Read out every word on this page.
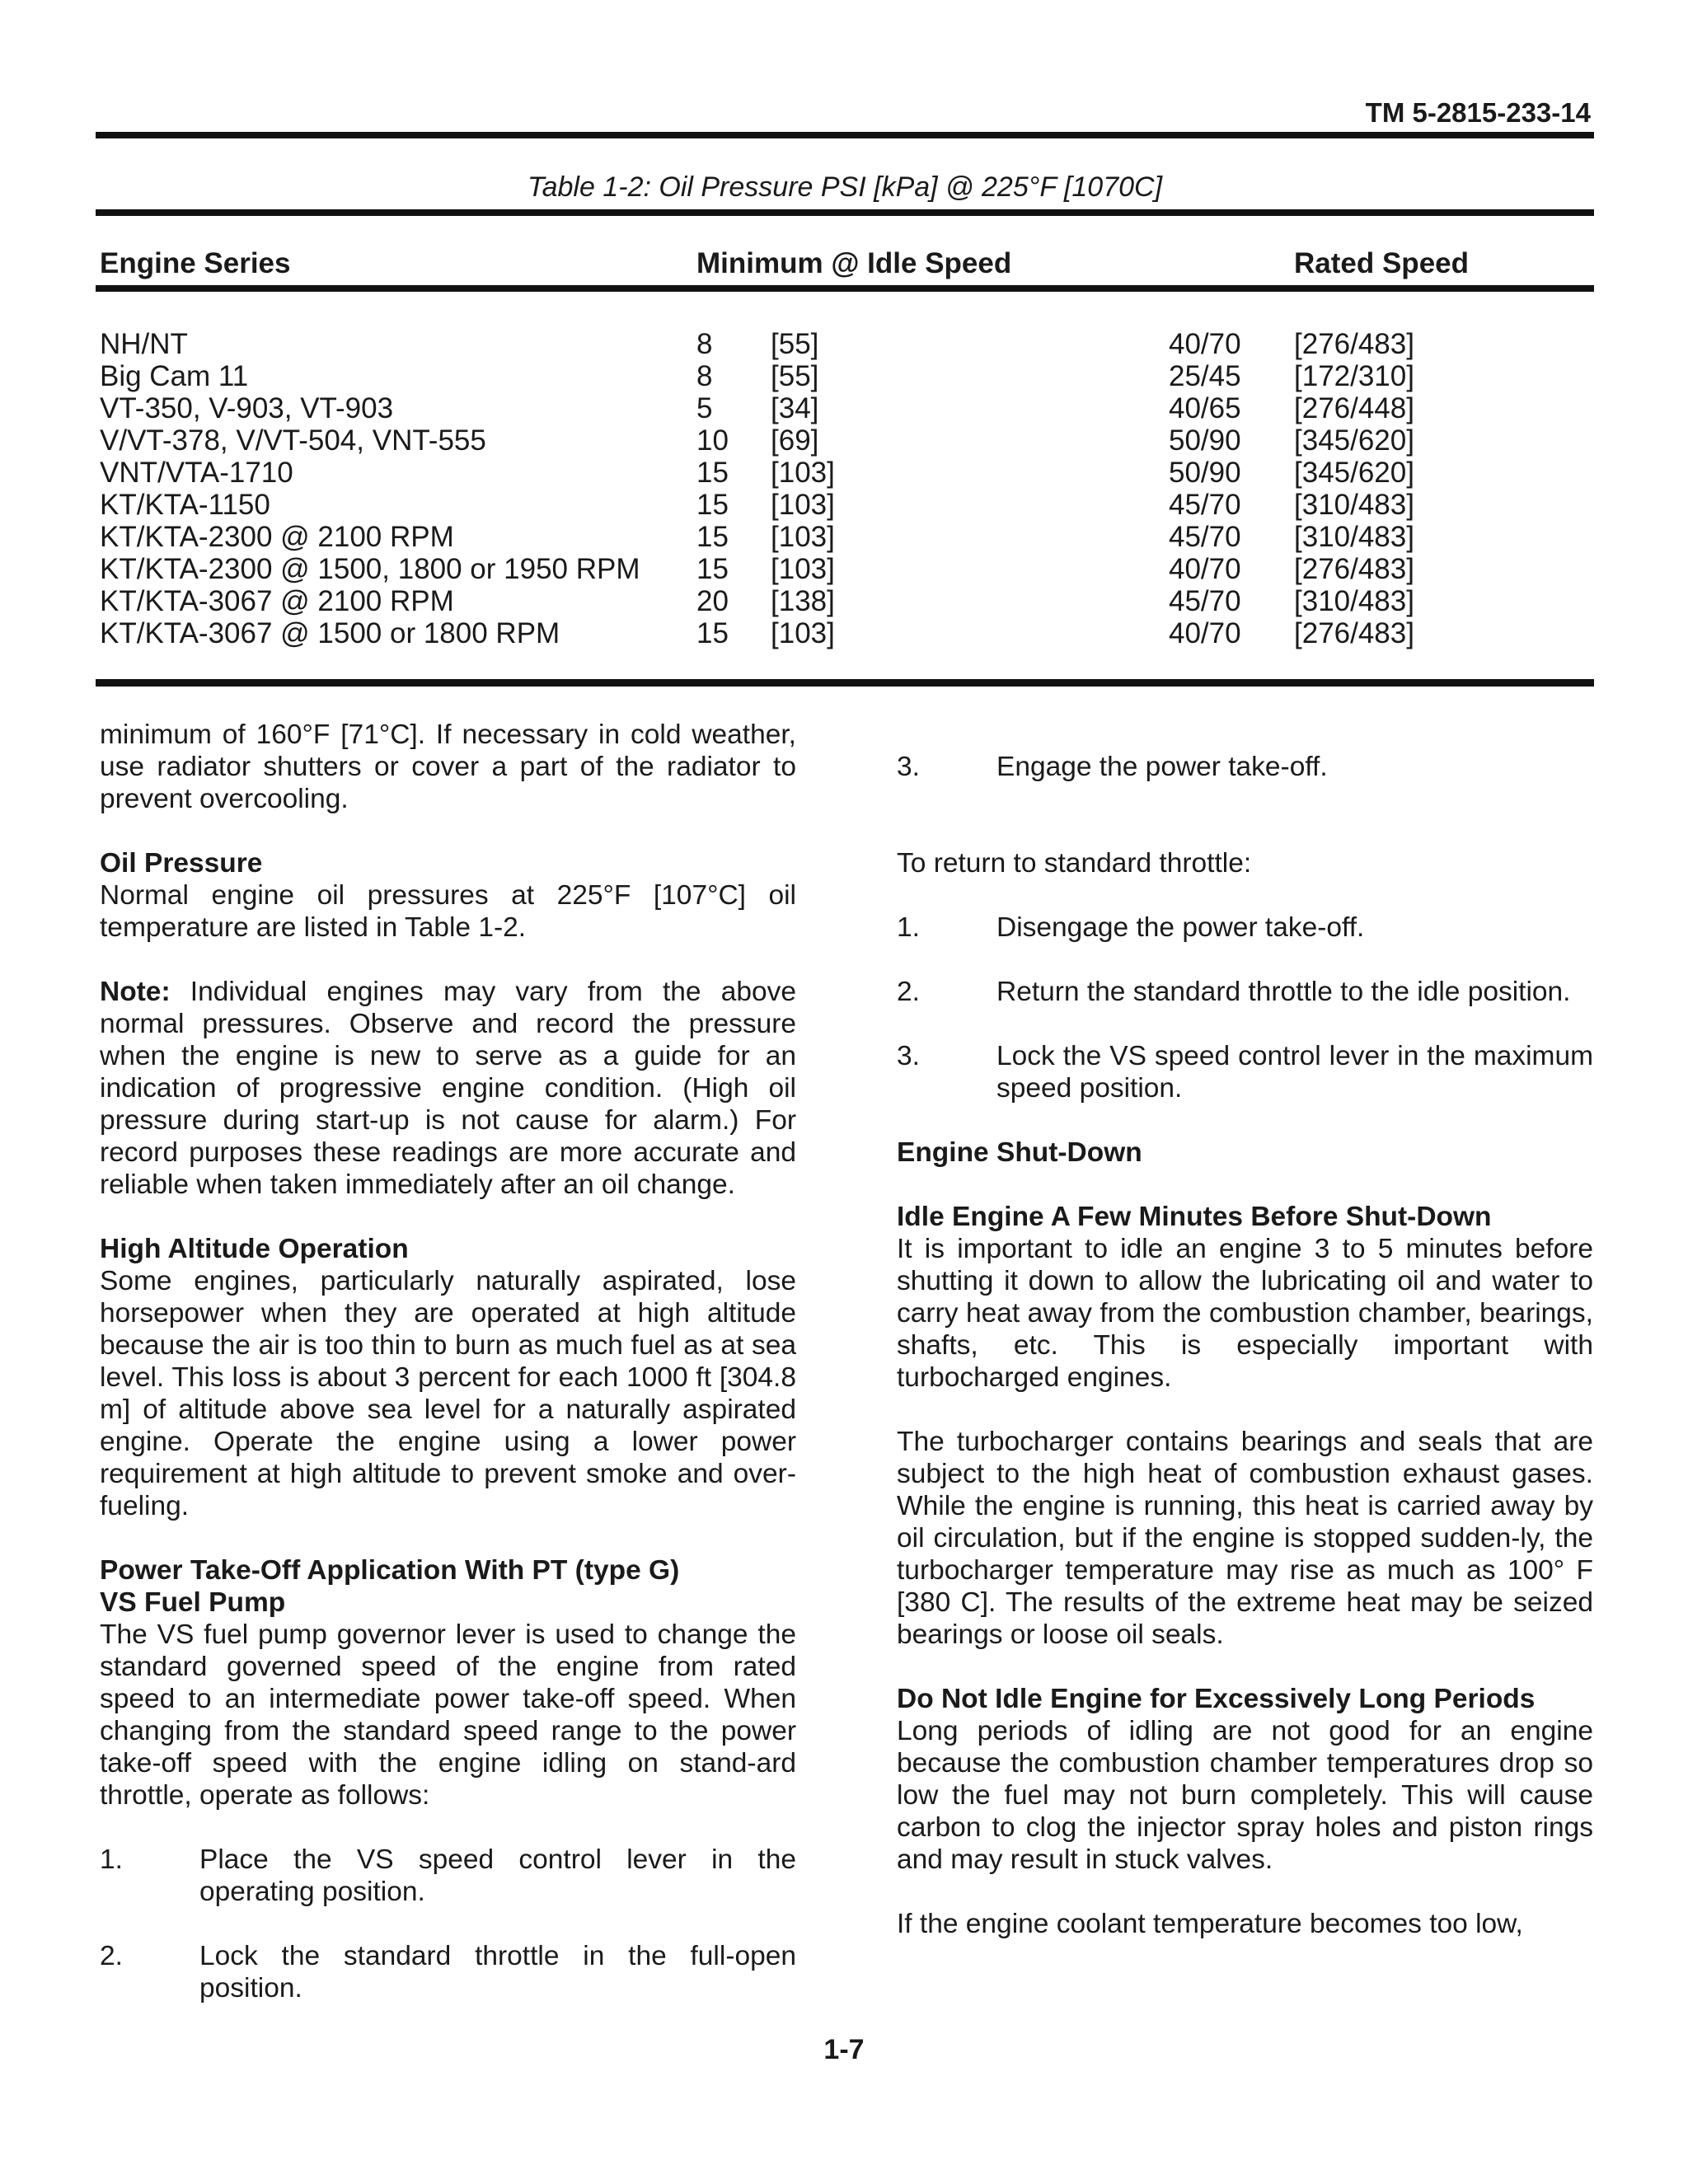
TM 5-2815-233-14
Table 1-2: Oil Pressure PSI [kPa] @ 225°F [1070C]
Engine Series	Minimum @ Idle Speed	Rated Speed
NH/NT	8 [55]	40/70 [276/483]
Big Cam 11	8 [55]	25/45 [172/310]
VT-350, V-903, VT-903	5 [34]	40/65 [276/448]
V/VT-378, V/VT-504, VNT-555	10 [69]	50/90 [345/620]
VNT/VTA-1710	15 [103]	50/90 [345/620]
KT/KTA-1150	15 [103]	45/70 [310/483]
KT/KTA-2300 @ 2100 RPM	15 [103]	45/70 [310/483]
KT/KTA-2300 @ 1500, 1800 or 1950 RPM 15 [103]	40/70 [276/483]
KT/KTA-3067 @ 2100 RPM	20 [138]	45/70 [310/483]
KT/KTA-3067 @ 1500 or 1800 RPM	15 [103]	40/70 [276/483]

minimum of 160°F [71°C]. If necessary in cold weather, use radiator shutters or cover a part of the radiator to prevent overcooling.

Oil Pressure

Normal engine oil pressures at 225°F [107°C] oil temperature are listed in Table 1-2.

Note: Individual engines may vary from the above normal pressures. Observe and record the pressure when the engine is new to serve as a guide for an indication of progressive engine condition. (High oil pressure during start-up is not cause for alarm.) For record purposes these readings are more accurate and reliable when taken immediately after an oil change.

High Altitude Operation

Some engines, particularly naturally aspirated, lose horsepower when they are operated at high altitude because the air is too thin to burn as much fuel as at sea level. This loss is about 3 percent for each 1000 ft [304.8 m] of altitude above sea level for a naturally aspirated engine. Operate the engine using a lower power requirement at high altitude to prevent smoke and over-fueling.

Power Take-Off Application With PT (type G)

VS Fuel Pump

The VS fuel pump governor lever is used to change the standard governed speed of the engine from rated speed to an intermediate power take-off speed. When changing from the standard speed range to the power take-off speed with the engine idling on stand-ard throttle, operate as follows:

1.	Place the VS speed control lever in the operating position.
2.	Lock the standard throttle in the full-open position.
3.	Engage the power take-off.

To return to standard throttle:

1.	Disengage the power take-off.
2.	Return the standard throttle to the idle position.
3.	Lock the VS speed control lever in the maximum speed position.

Engine Shut-Down

Idle Engine A Few Minutes Before Shut-Down

It is important to idle an engine 3 to 5 minutes before shutting it down to allow the lubricating oil and water to carry heat away from the combustion chamber, bearings, shafts, etc. This is especially important with turbocharged engines.

The turbocharger contains bearings and seals that are subject to the high heat of combustion exhaust gases. While the engine is running, this heat is carried away by oil circulation, but if the engine is stopped sudden-ly, the turbocharger temperature may rise as much as 100° F [380 C]. The results of the extreme heat may be seized bearings or loose oil seals.

Do Not Idle Engine for Excessively Long Periods

Long periods of idling are not good for an engine because the combustion chamber temperatures drop so low the fuel may not burn completely. This will cause carbon to clog the injector spray holes and piston rings and may result in stuck valves.

If the engine coolant temperature becomes too low,

1-7
